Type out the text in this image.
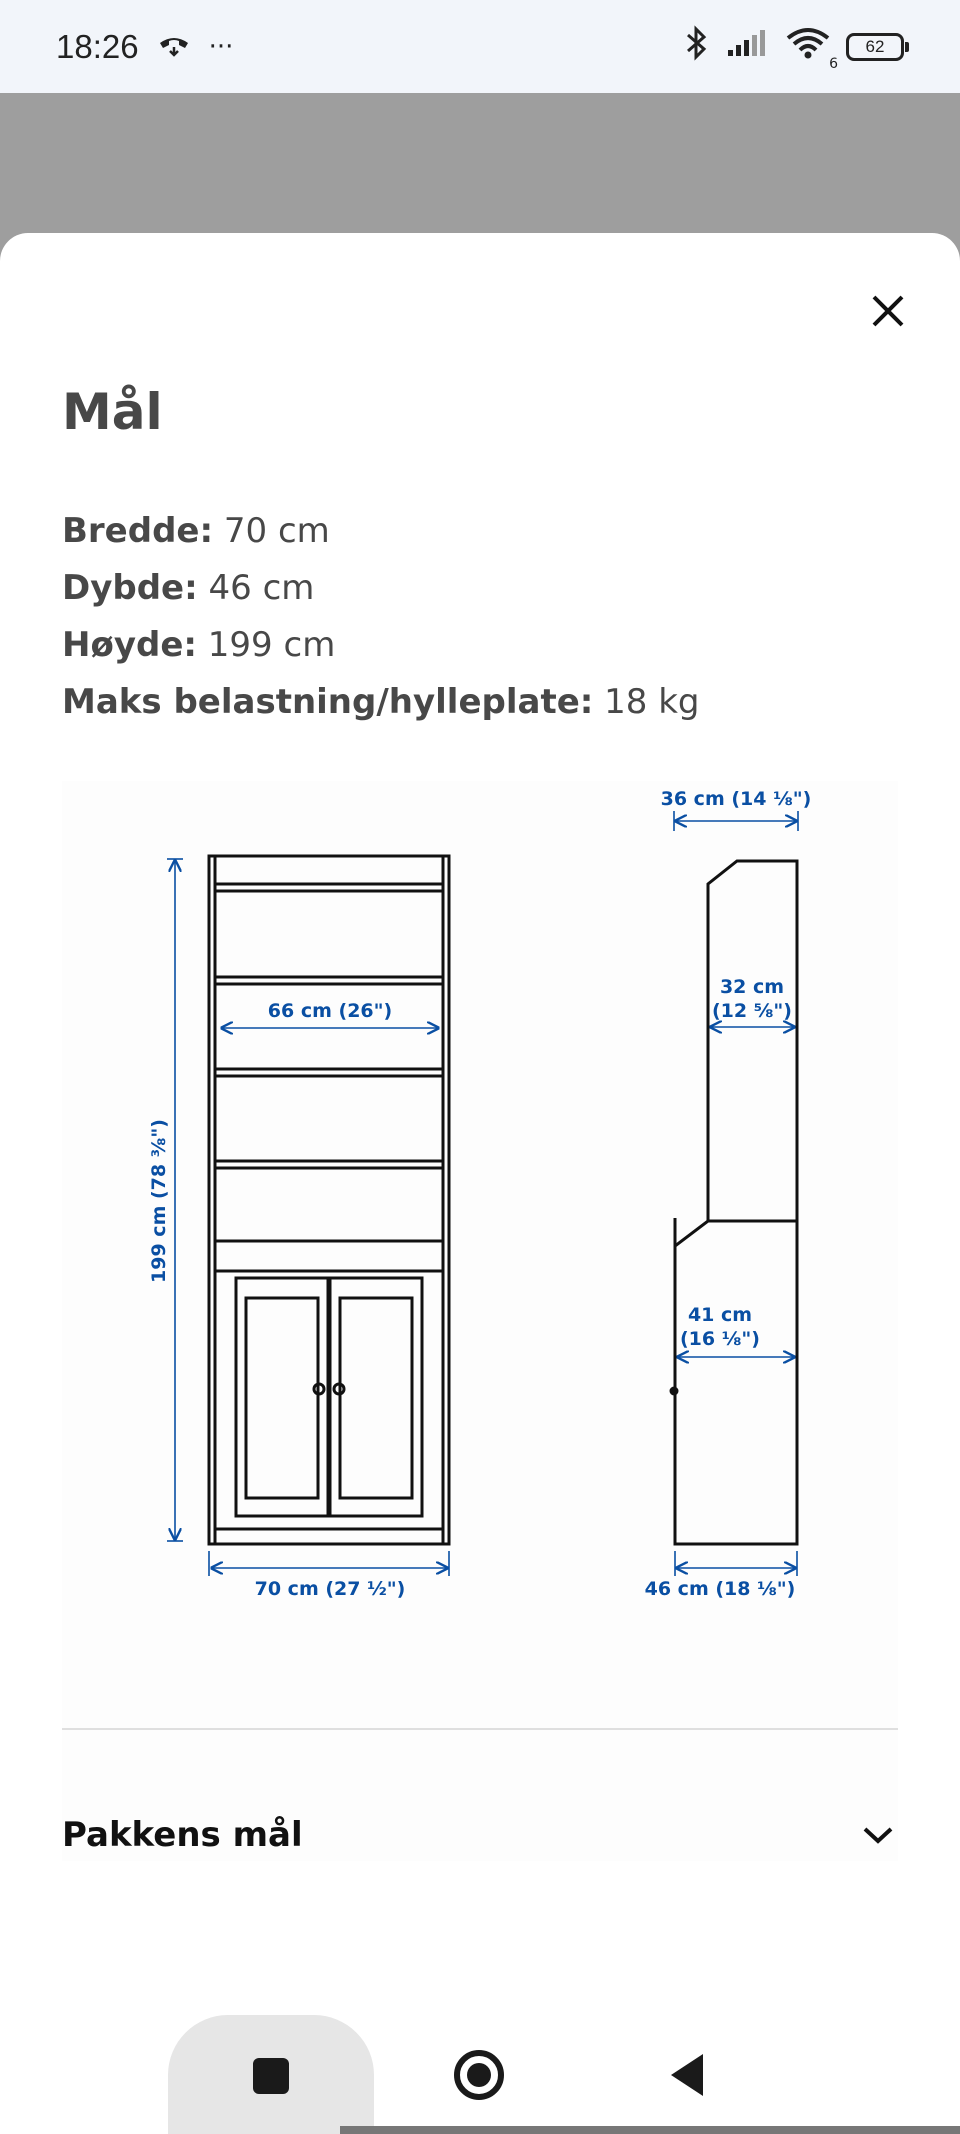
18:26	···
6
62
Mål
Bredde: 70 cm
Dybde: 46 cm
Høyde: 199 cm
Maks belastning/hylleplate: 18 kg
199 cm (78 ⅜")
66 cm (26")
70 cm (27 ½")
36 cm (14 ⅛")
32 cm
(12 ⅝")
41 cm
(16 ⅛")
46 cm (18 ⅛")
Pakkens mål
